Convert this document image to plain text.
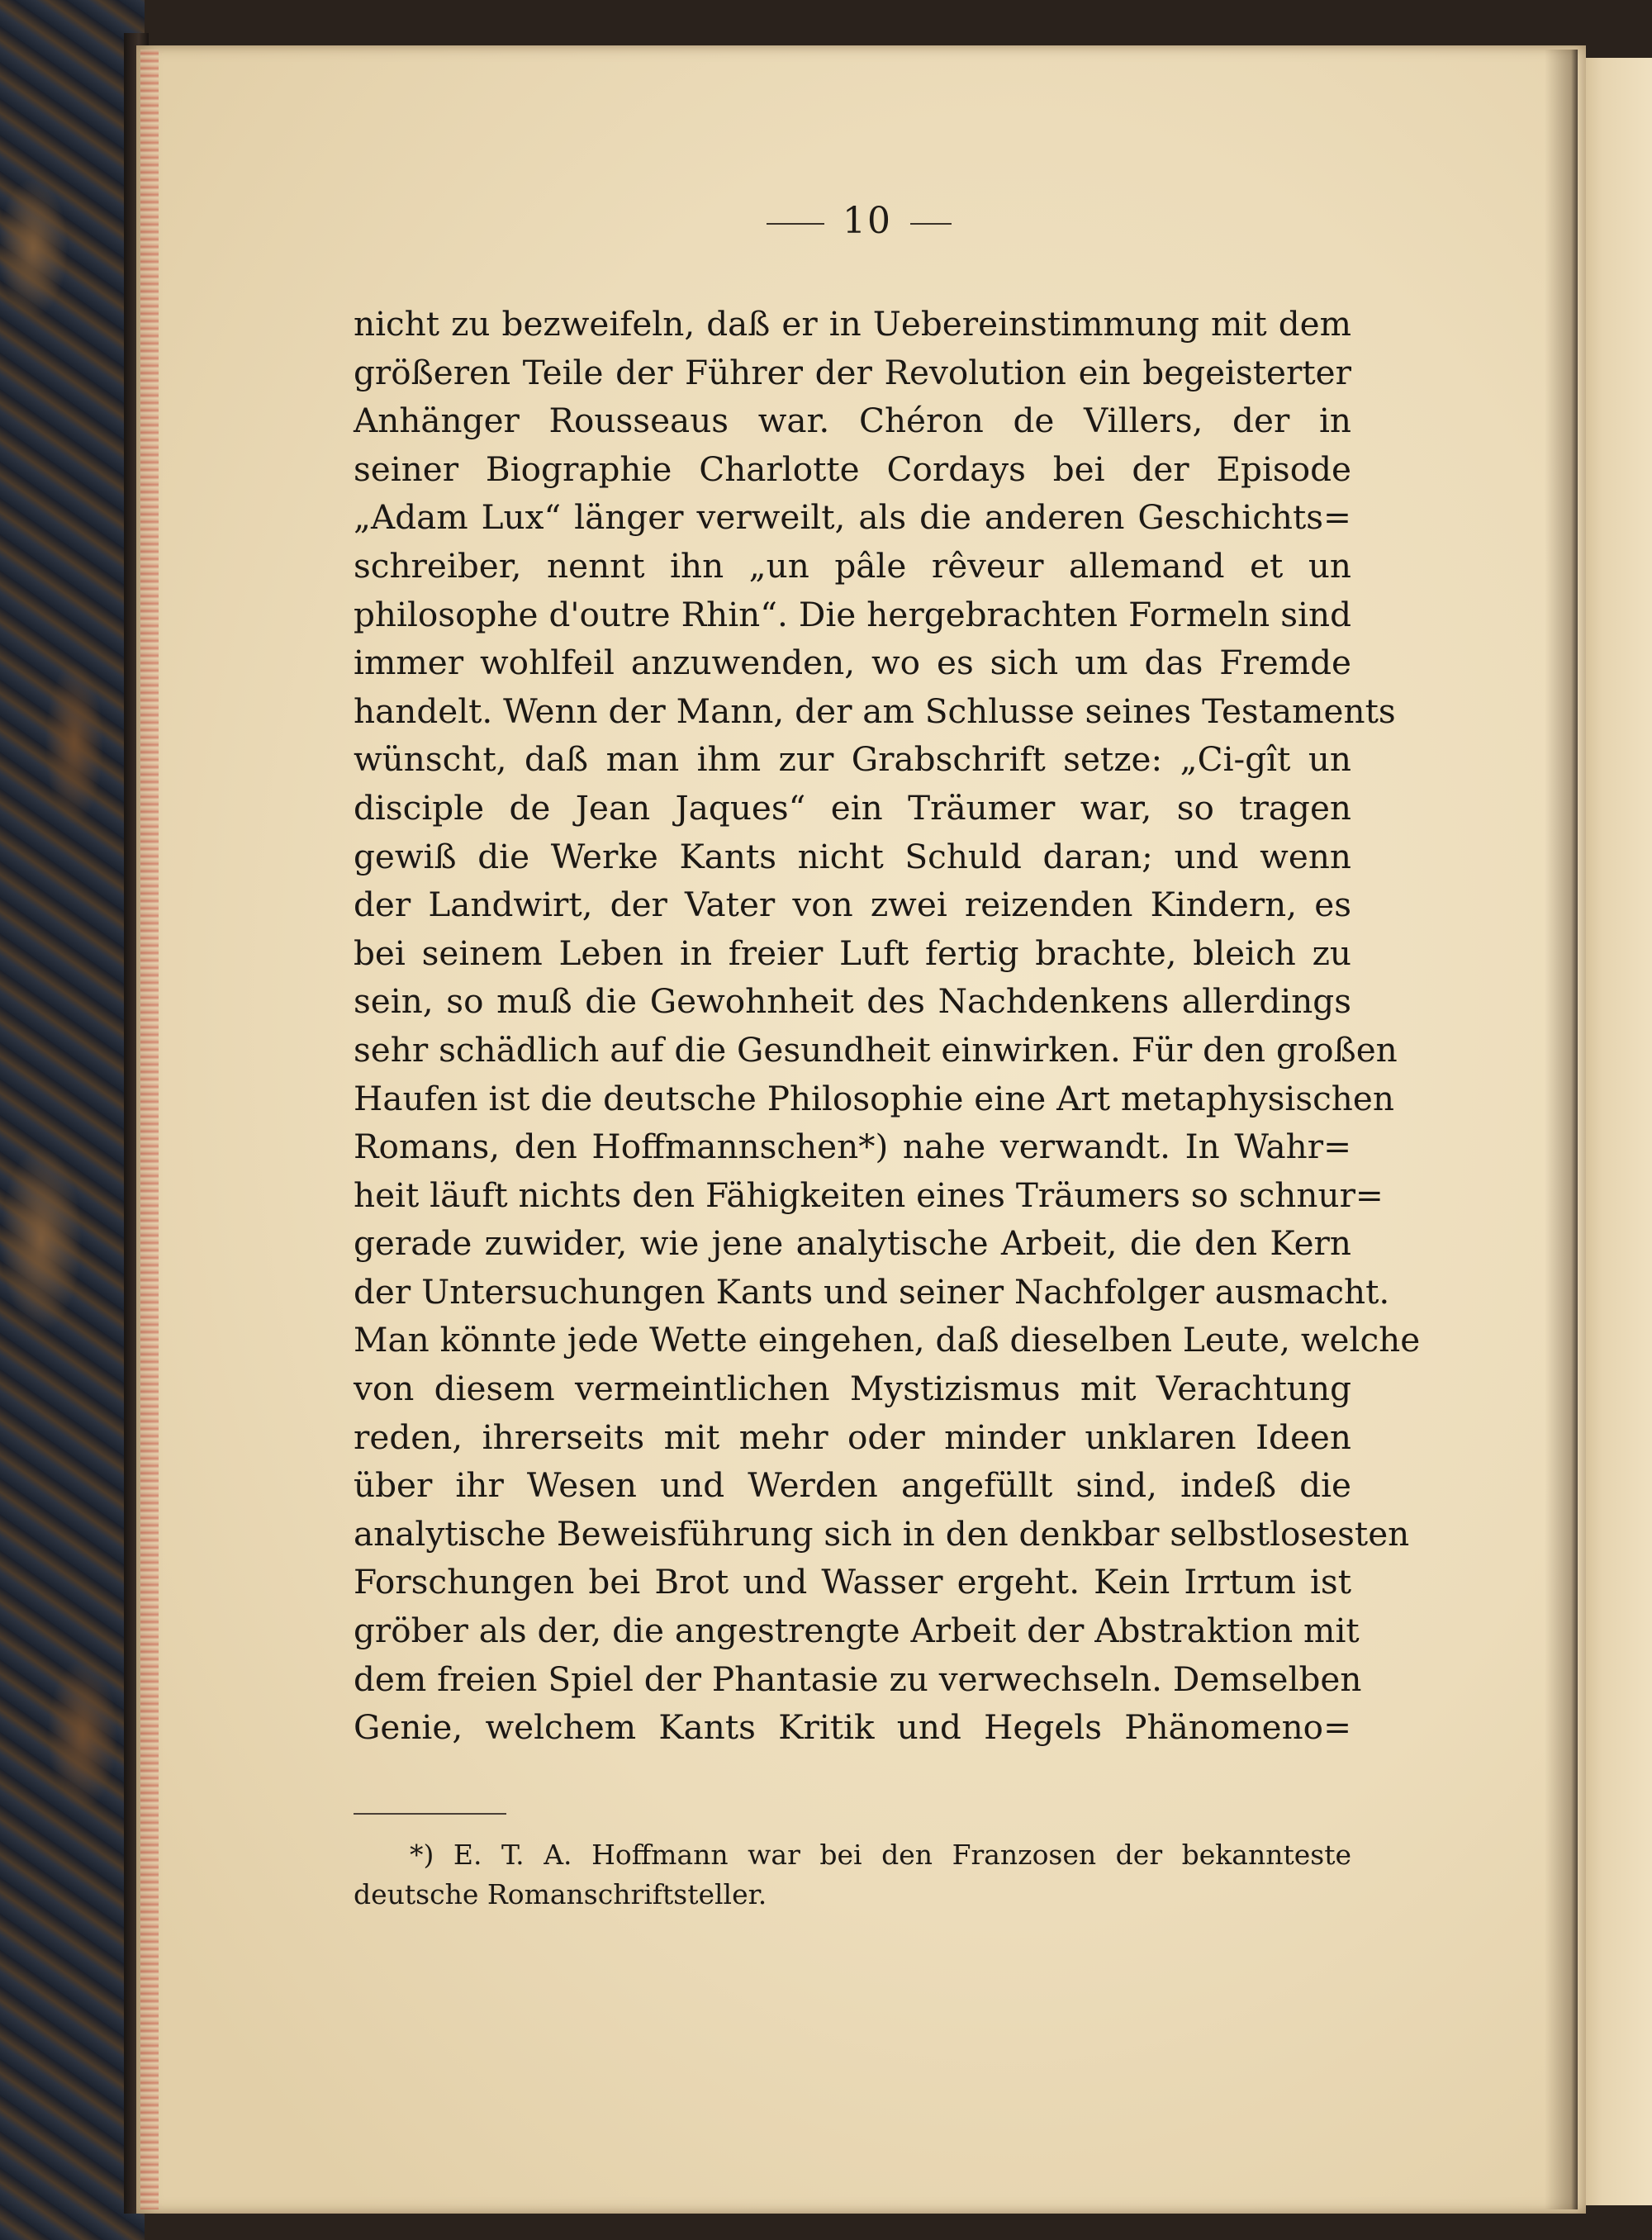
10
nicht zu bezweifeln, daß er in Uebereinstimmung mit dem
größeren Teile der Führer der Revolution ein begeisterter
Anhänger Rousseaus war. Chéron de Villers, der in
seiner Biographie Charlotte Cordays bei der Episode
„Adam Lux“ länger verweilt, als die anderen Geschichts=
schreiber, nennt ihn „un pâle rêveur allemand et un
philosophe d'outre Rhin“. Die hergebrachten Formeln sind
immer wohlfeil anzuwenden, wo es sich um das Fremde
handelt. Wenn der Mann, der am Schlusse seines Testaments
wünscht, daß man ihm zur Grabschrift setze: „Ci-gît un
disciple de Jean Jaques“ ein Träumer war, so tragen
gewiß die Werke Kants nicht Schuld daran; und wenn
der Landwirt, der Vater von zwei reizenden Kindern, es
bei seinem Leben in freier Luft fertig brachte, bleich zu
sein, so muß die Gewohnheit des Nachdenkens allerdings
sehr schädlich auf die Gesundheit einwirken. Für den großen
Haufen ist die deutsche Philosophie eine Art metaphysischen
Romans, den Hoffmannschen*) nahe verwandt. In Wahr=
heit läuft nichts den Fähigkeiten eines Träumers so schnur=
gerade zuwider, wie jene analytische Arbeit, die den Kern
der Untersuchungen Kants und seiner Nachfolger ausmacht.
Man könnte jede Wette eingehen, daß dieselben Leute, welche
von diesem vermeintlichen Mystizismus mit Verachtung
reden, ihrerseits mit mehr oder minder unklaren Ideen
über ihr Wesen und Werden angefüllt sind, indeß die
analytische Beweisführung sich in den denkbar selbstlosesten
Forschungen bei Brot und Wasser ergeht. Kein Irrtum ist
gröber als der, die angestrengte Arbeit der Abstraktion mit
dem freien Spiel der Phantasie zu verwechseln. Demselben
Genie, welchem Kants Kritik und Hegels Phänomeno=
*) E. T. A. Hoffmann war bei den Franzosen der bekannteste
deutsche Romanschriftsteller.
